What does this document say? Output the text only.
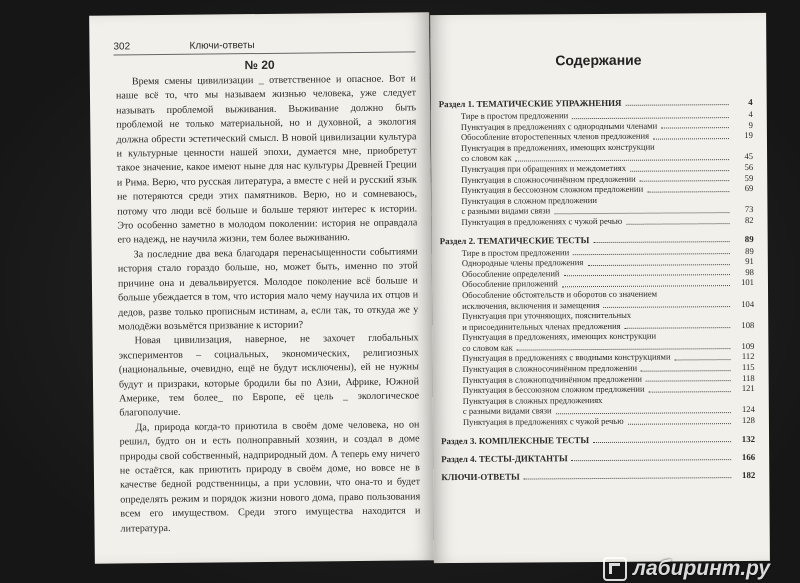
302	Ключи-ответы
№ 20

Время смены цивилизации _ ответственное и опасное. Вот и наше всё то, что мы называем жизнью человека, уже следует называть проблемой выживания. Выживание должно быть проблемой не только материальной, но и духовной, а экология должна обрести эстетический смысл. В новой цивилизации культура и культурные ценности нашей эпохи, думается мне, приобретут такое значение, какое имеют ныне для нас культуры Древней Греции и Рима. Верю, что русская литература, а вместе с ней и русский язык не потеряются среди этих памятников. Верю, но и сомневаюсь, потому что люди всё больше и больше теряют интерес к истории. Это особенно заметно в молодом поколении: история не оправдала его надежд, не научила жизни, тем более выживанию.

За последние два века благодаря перенасыщенности событиями история стало гораздо больше, но, может быть, именно по этой причине она и девальвируется. Молодое поколение всё больше и больше убеждается в том, что история мало чему научила их отцов и дедов, разве только прописным истинам, а, если так, то откуда же у молодёжи возьмётся призвание к истории?

Новая цивилизация, наверное, не захочет глобальных экспериментов – социальных, экономических, религиозных (национальные, очевидно, ещё не будут исключены), ей не нужны будут и призраки, которые бродили бы по Азии, Африке, Южной Америке, тем более_ по Европе, её цель _ экологическое благополучие.

Да, природа когда-то приютила в своём доме человека, но он решил, будто он и есть полноправный хозяин, и создал в доме природы свой собственный, надприродный дом. А теперь ему ничего не остаётся, как приютить природу в своём доме, но вовсе не в качестве бедной родственницы, а при условии, что она-то и будет определять режим и порядок жизни нового дома, право пользования всем его имуществом. Среди этого имущества находится и литература.

Содержание
Раздел 1. ТЕМАТИЧЕСКИЕ УПРАЖНЕНИЯ	4
Тире в простом предложении	4
Пунктуация в предложениях с однородными членами	9
Обособление второстепенных членов предложения	19
Пунктуация в предложениях, имеющих конструкции
со словом как	45
Пунктуация при обращениях и междометиях	56
Пунктуация в сложносочинённом предложении	59
Пунктуация в бессоюзном сложном предложении	69
Пунктуация в сложном предложении
с разными видами связи	73
Пунктуация в предложениях с чужой речью	82
Раздел 2. ТЕМАТИЧЕСКИЕ ТЕСТЫ	89
Тире в простом предложении	89
Однородные члены предложения	91
Обособление определений	98
Обособление приложений	101
Обособление обстоятельств и оборотов со значением
исключения, включения и замещения	104
Пунктуация при уточняющих, пояснительных
и присоединительных членах предложения	108
Пунктуация в предложениях, имеющих конструкции
со словом как	109
Пунктуация в предложениях с вводными конструкциями	112
Пунктуация в сложносочинённом предложении	115
Пунктуация в сложноподчинённом предложении	118
Пунктуация в бессоюзном сложном предложении	121
Пунктуация в сложных предложениях
с разными видами связи	124
Пунктуация в предложениях с чужой речью	128
Раздел 3. КОМПЛЕКСНЫЕ ТЕСТЫ	132
Раздел 4. ТЕСТЫ-ДИКТАНТЫ	166
КЛЮЧИ-ОТВЕТЫ	182
лабиринт.ру
